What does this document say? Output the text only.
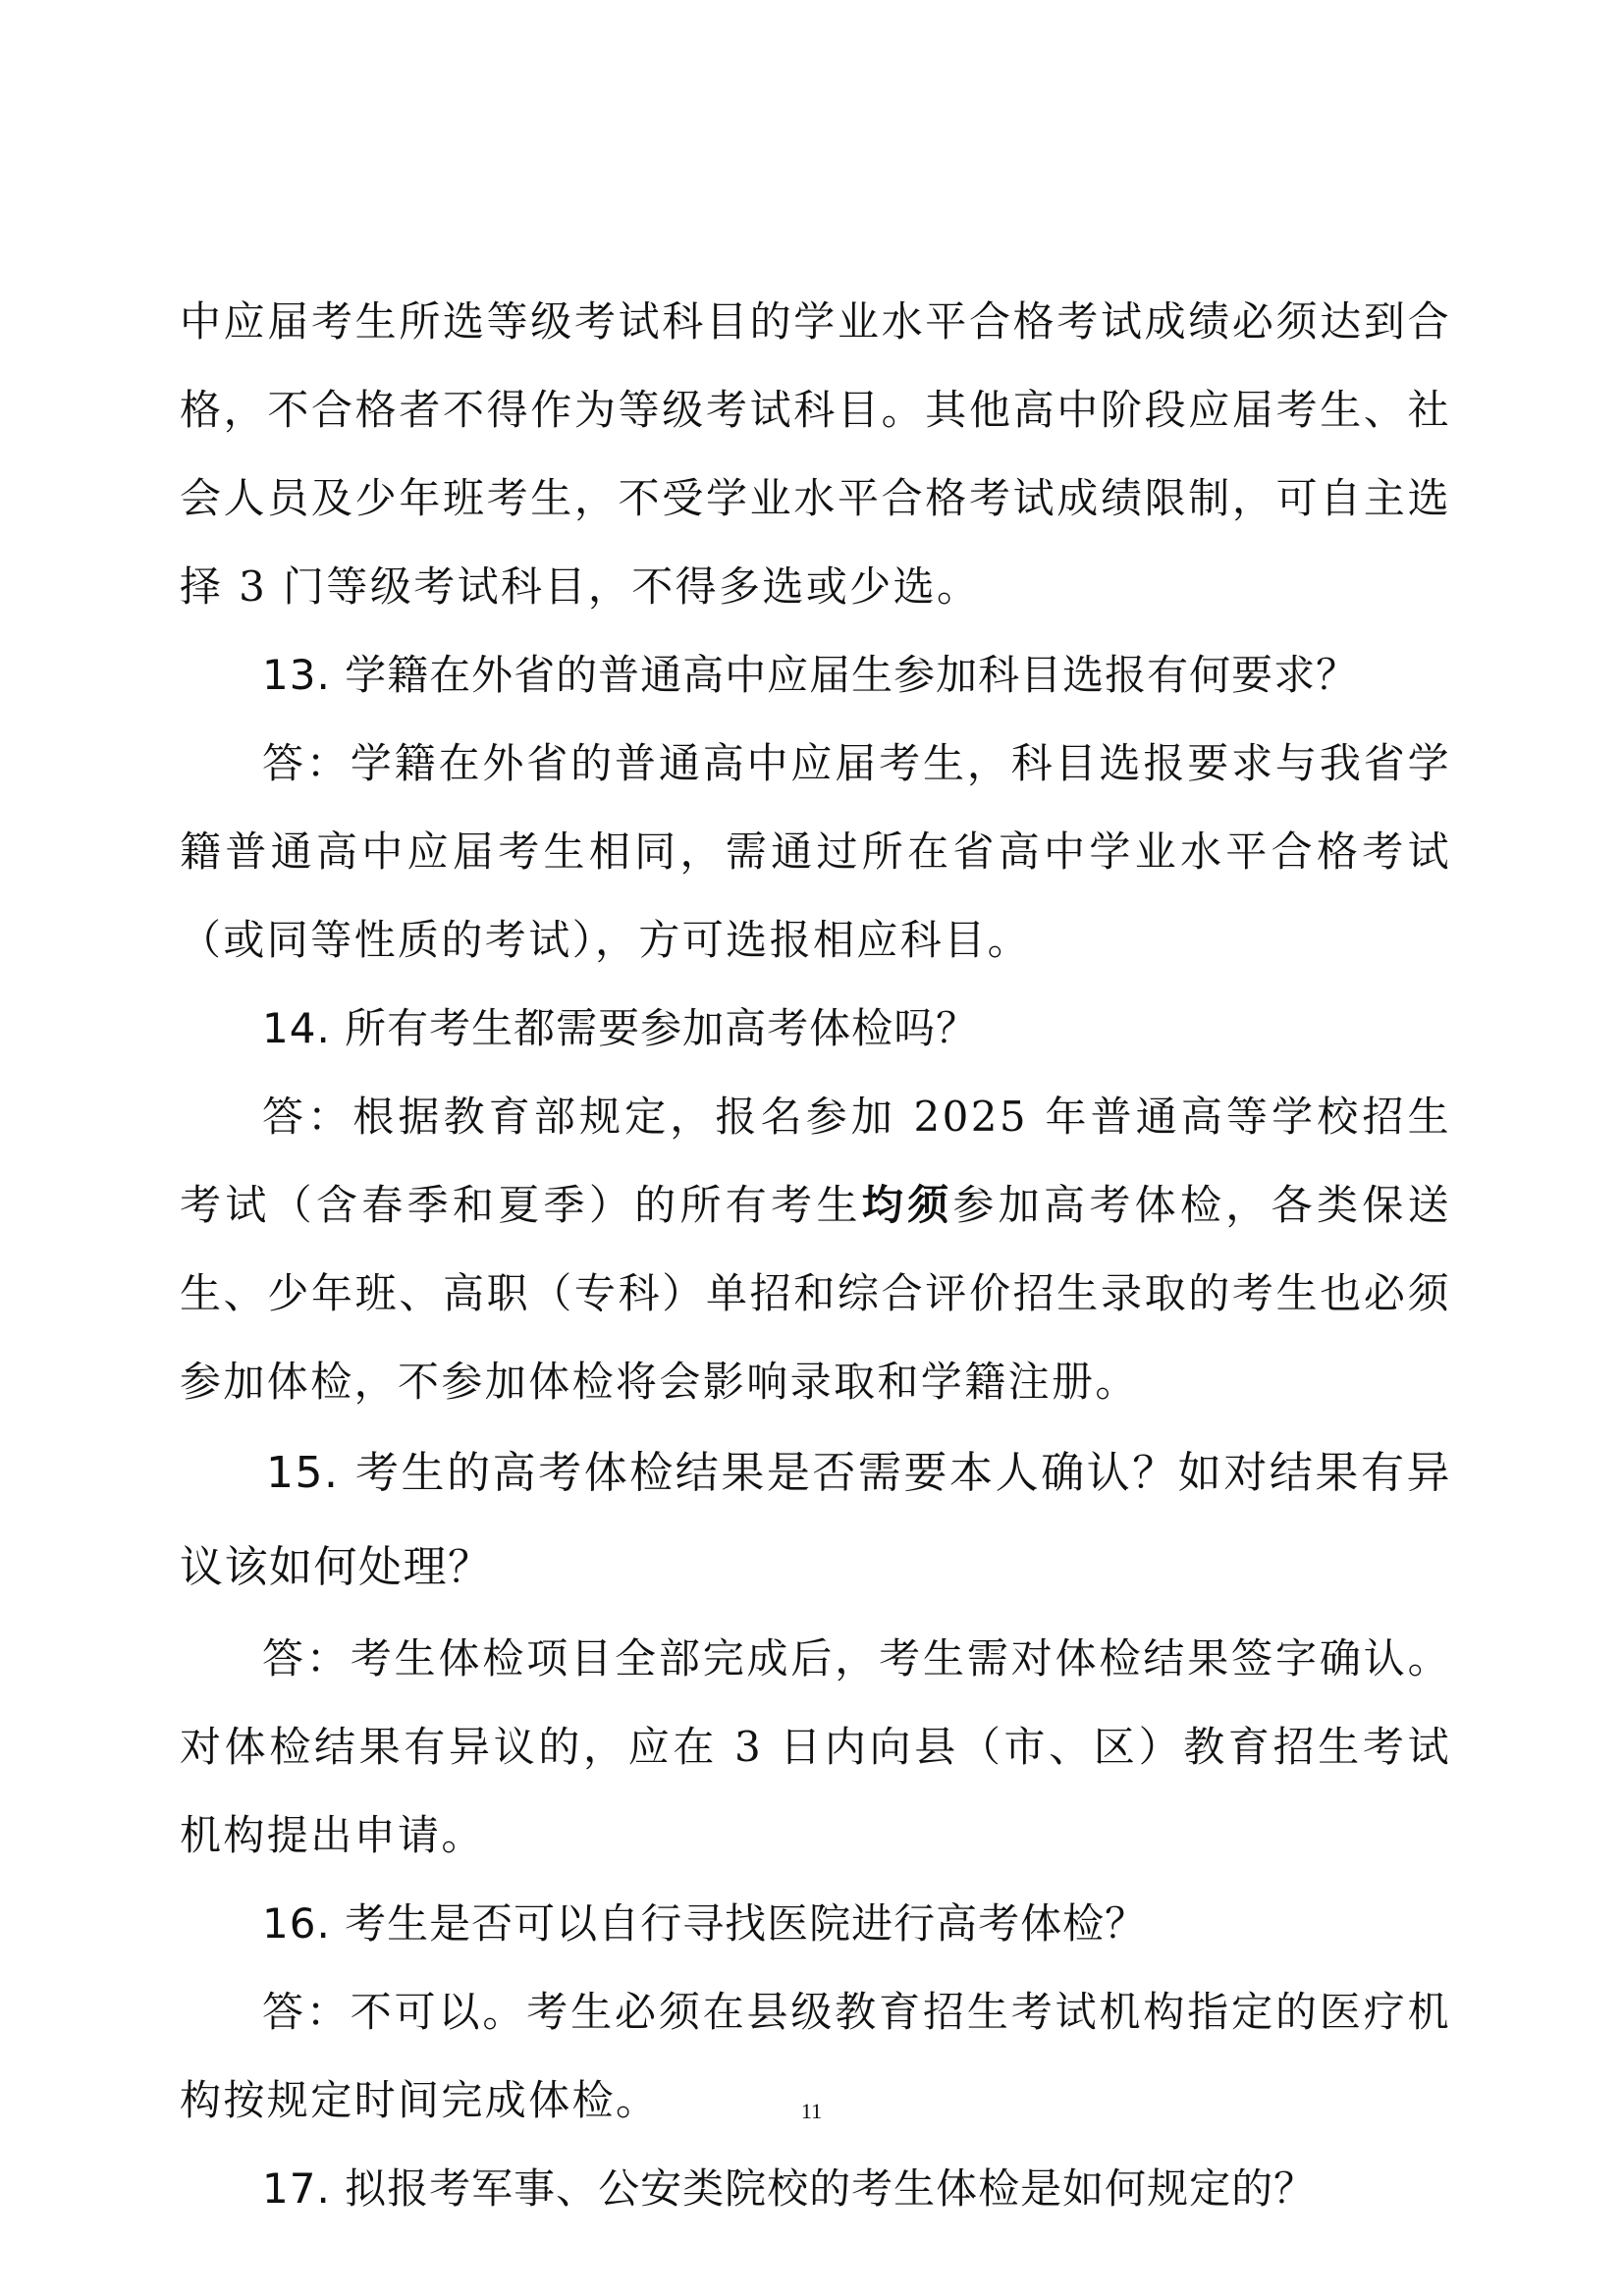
中应届考生所选等级考试科目的学业水平合格考试成绩必须达到合格，不合格者不得作为等级考试科目。其他高中阶段应届考生、社会人员及少年班考生，不受学业水平合格考试成绩限制，可自主选择 3 门等级考试科目，不得多选或少选。

13. 学籍在外省的普通高中应届生参加科目选报有何要求？

答：学籍在外省的普通高中应届考生，科目选报要求与我省学籍普通高中应届考生相同，需通过所在省高中学业水平合格考试（或同等性质的考试），方可选报相应科目。

14. 所有考生都需要参加高考体检吗？

答：根据教育部规定，报名参加 2025 年普通高等学校招生考试（含春季和夏季）的所有考生均须参加高考体检，各类保送生、少年班、高职（专科）单招和综合评价招生录取的考生也必须参加体检，不参加体检将会影响录取和学籍注册。

15. 考生的高考体检结果是否需要本人确认？如对结果有异议该如何处理？

答：考生体检项目全部完成后，考生需对体检结果签字确认。对体检结果有异议的，应在 3 日内向县（市、区）教育招生考试机构提出申请。

16. 考生是否可以自行寻找医院进行高考体检？

答：不可以。考生必须在县级教育招生考试机构指定的医疗机构按规定时间完成体检。

17. 拟报考军事、公安类院校的考生体检是如何规定的？

11
